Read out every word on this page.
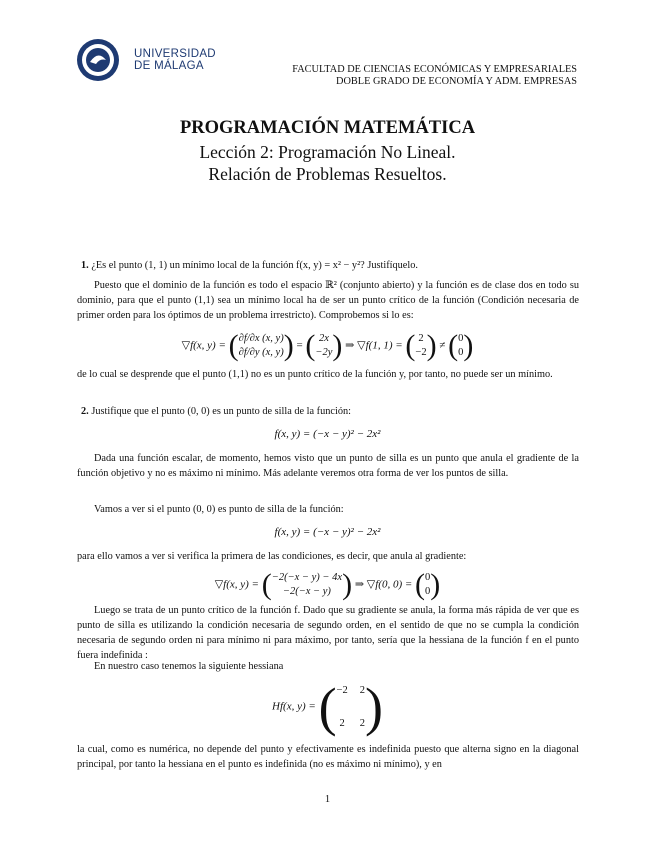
UNIVERSIDAD
DE MÁLAGA	FACULTAD DE CIENCIAS ECONÓMICAS Y EMPRESARIALES
DOBLE GRADO DE ECONOMÍA Y ADM. EMPRESAS
PROGRAMACIÓN MATEMÁTICA
Lección 2: Programación No Lineal.
Relación de Problemas Resueltos.
1. ¿Es el punto (1, 1) un mínimo local de la función f(x, y) = x² − y²? Justifíquelo.
Puesto que el dominio de la función es todo el espacio ℝ² (conjunto abierto) y la función es de clase dos en todo su dominio, para que el punto (1,1) sea un mínimo local ha de ser un punto crítico de la función (Condición necesaria de primer orden para los óptimos de un problema irrestricto). Comprobemos si lo es:
▽f(x, y) = ( ∂f/∂x (x, y)
∂f/∂y (x, y) ) = ( 2x
−2y ) ⇒ ▽f(1, 1) = ( 2
−2 ) ≠ ( 0
0 )
de lo cual se desprende que el punto (1,1) no es un punto crítico de la función y, por tanto, no puede ser un mínimo.
2. Justifique que el punto (0, 0) es un punto de silla de la función:
f(x, y) = (−x − y)² − 2x²
Dada una función escalar, de momento, hemos visto que un punto de silla es un punto que anula el gradiente de la función objetivo y no es máximo ni mínimo. Más adelante veremos otra forma de ver los puntos de silla.
Vamos a ver si el punto (0, 0) es punto de silla de la función:
f(x, y) = (−x − y)² − 2x²
para ello vamos a ver si verifica la primera de las condiciones, es decir, que anula al gradiente:
▽f(x, y) = ( −2(−x − y) − 4x
−2(−x − y) ) ⇒ ▽f(0, 0) = ( 0
0 )
Luego se trata de un punto crítico de la función f. Dado que su gradiente se anula, la forma más rápida de ver que es punto de silla es utilizando la condición necesaria de segundo orden, en el sentido de que no se cumpla la condición necesaria de segundo orden ni para mínimo ni para máximo, por tanto, sería que la hessiana de la función f en el punto fuera indefinida :
En nuestro caso tenemos la siguiente hessiana
Hf(x, y) = ( −2 2
2 2 )
la cual, como es numérica, no depende del punto y efectivamente es indefinida puesto que alterna signo en la diagonal principal, por tanto la hessiana en el punto es indefinida (no es máximo ni mínimo), y en
1
